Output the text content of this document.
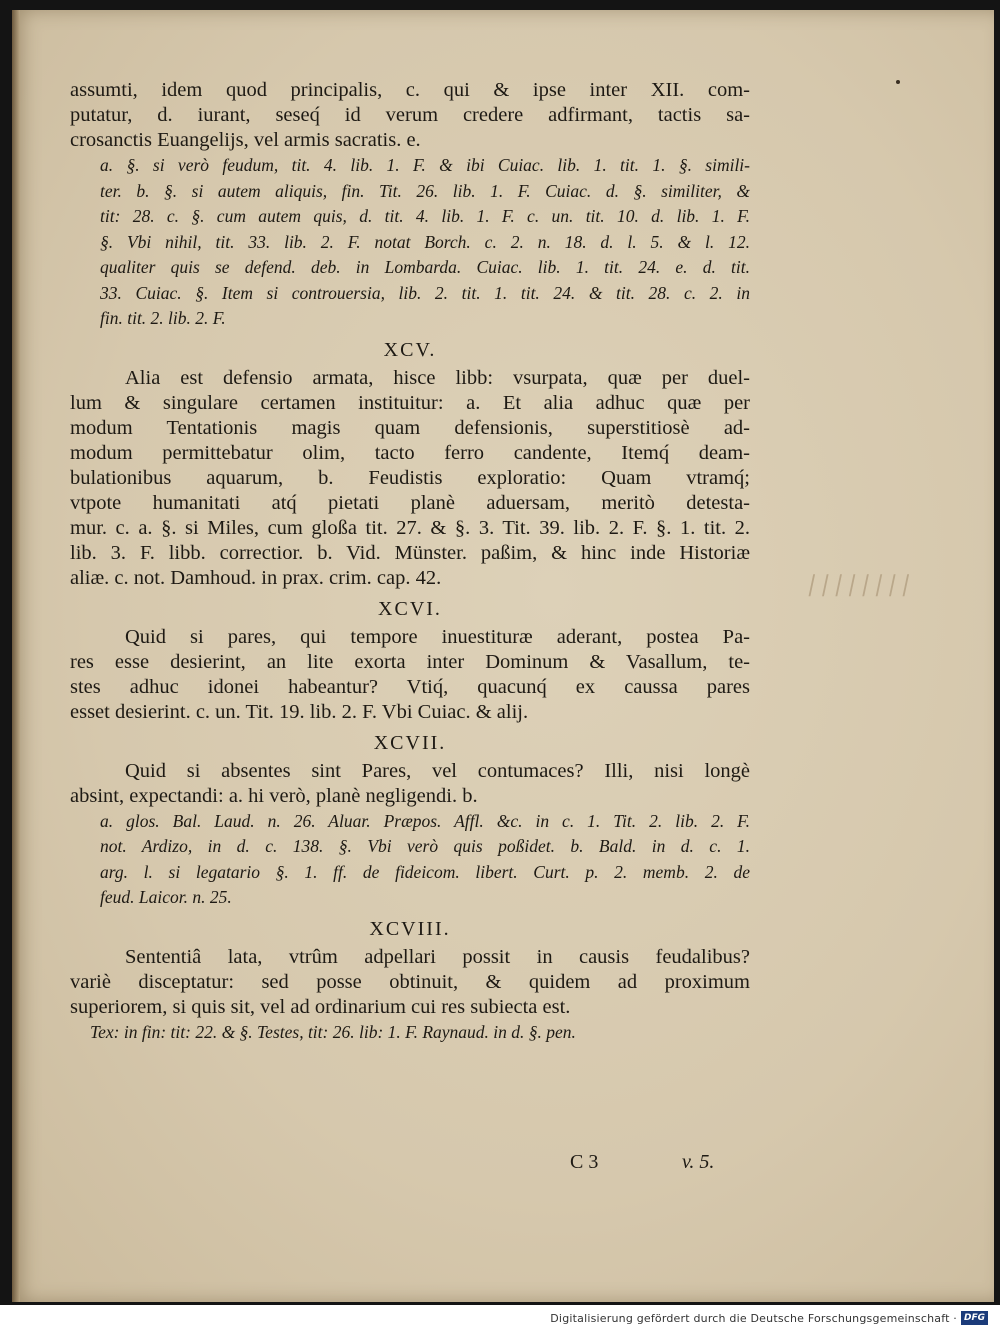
assumti, idem quod principalis, c. qui & ipse inter XII. com-

putatur, d. iurant, seseq́ id verum credere adfirmant, tactis sa-

crosanctis Euangelijs, vel armis sacratis. e.

a. §. si verò feudum, tit. 4. lib. 1. F. & ibi Cuiac. lib. 1. tit. 1. §. simili-

ter. b. §. si autem aliquis, fin. Tit. 26. lib. 1. F. Cuiac. d. §. similiter, &

tit: 28. c. §. cum autem quis, d. tit. 4. lib. 1. F. c. un. tit. 10. d. lib. 1. F.

§. Vbi nihil, tit. 33. lib. 2. F. notat Borch. c. 2. n. 18. d. l. 5. & l. 12.

qualiter quis se defend. deb. in Lombarda. Cuiac. lib. 1. tit. 24. e. d. tit.

33. Cuiac. §. Item si controuersia, lib. 2. tit. 1. tit. 24. & tit. 28. c. 2. in

fin. tit. 2. lib. 2. F.

XCV.

Alia est defensio armata, hisce libb: vsurpata, quæ per duel-

lum & singulare certamen instituitur: a. Et alia adhuc quæ per

modum Tentationis magis quam defensionis, superstitiosè ad-

modum permittebatur olim, tacto ferro candente, Itemq́ deam-

bulationibus aquarum, b. Feudistis exploratio: Quam vtramq́;

vtpote humanitati atq́ pietati planè aduersam, meritò detesta-

mur. c. a. §. si Miles, cum gloßa tit. 27. & §. 3. Tit. 39. lib. 2. F. §. 1. tit. 2.

lib. 3. F. libb. correctior. b. Vid. Münster. paßim, & hinc inde Historiæ

aliæ. c. not. Damhoud. in prax. crim. cap. 42.

XCVI.

Quid si pares, qui tempore inuestituræ aderant, postea Pa-

res esse desierint, an lite exorta inter Dominum & Vasallum, te-

stes adhuc idonei habeantur? Vtiq́, quacunq́ ex caussa pares

esset desierint. c. un. Tit. 19. lib. 2. F. Vbi Cuiac. & alij.

XCVII.

Quid si absentes sint Pares, vel contumaces? Illi, nisi longè

absint, expectandi: a. hi verò, planè negligendi. b.

a. glos. Bal. Laud. n. 26. Aluar. Præpos. Affl. &c. in c. 1. Tit. 2. lib. 2. F.

not. Ardizo, in d. c. 138. §. Vbi verò quis poßidet. b. Bald. in d. c. 1.

arg. l. si legatario §. 1. ff. de fideicom. libert. Curt. p. 2. memb. 2. de

feud. Laicor. n. 25.

XCVIII.

Sententiâ lata, vtrûm adpellari possit in causis feudalibus?

variè disceptatur: sed posse obtinuit, & quidem ad proximum

superiorem, si quis sit, vel ad ordinarium cui res subiecta est.

Tex: in fin: tit: 22. & §. Testes, tit: 26. lib: 1. F. Raynaud. in d. §. pen.

||||||||
C 3	v. 5.
Digitalisierung gefördert durch die Deutsche Forschungsgemeinschaft · DFG
